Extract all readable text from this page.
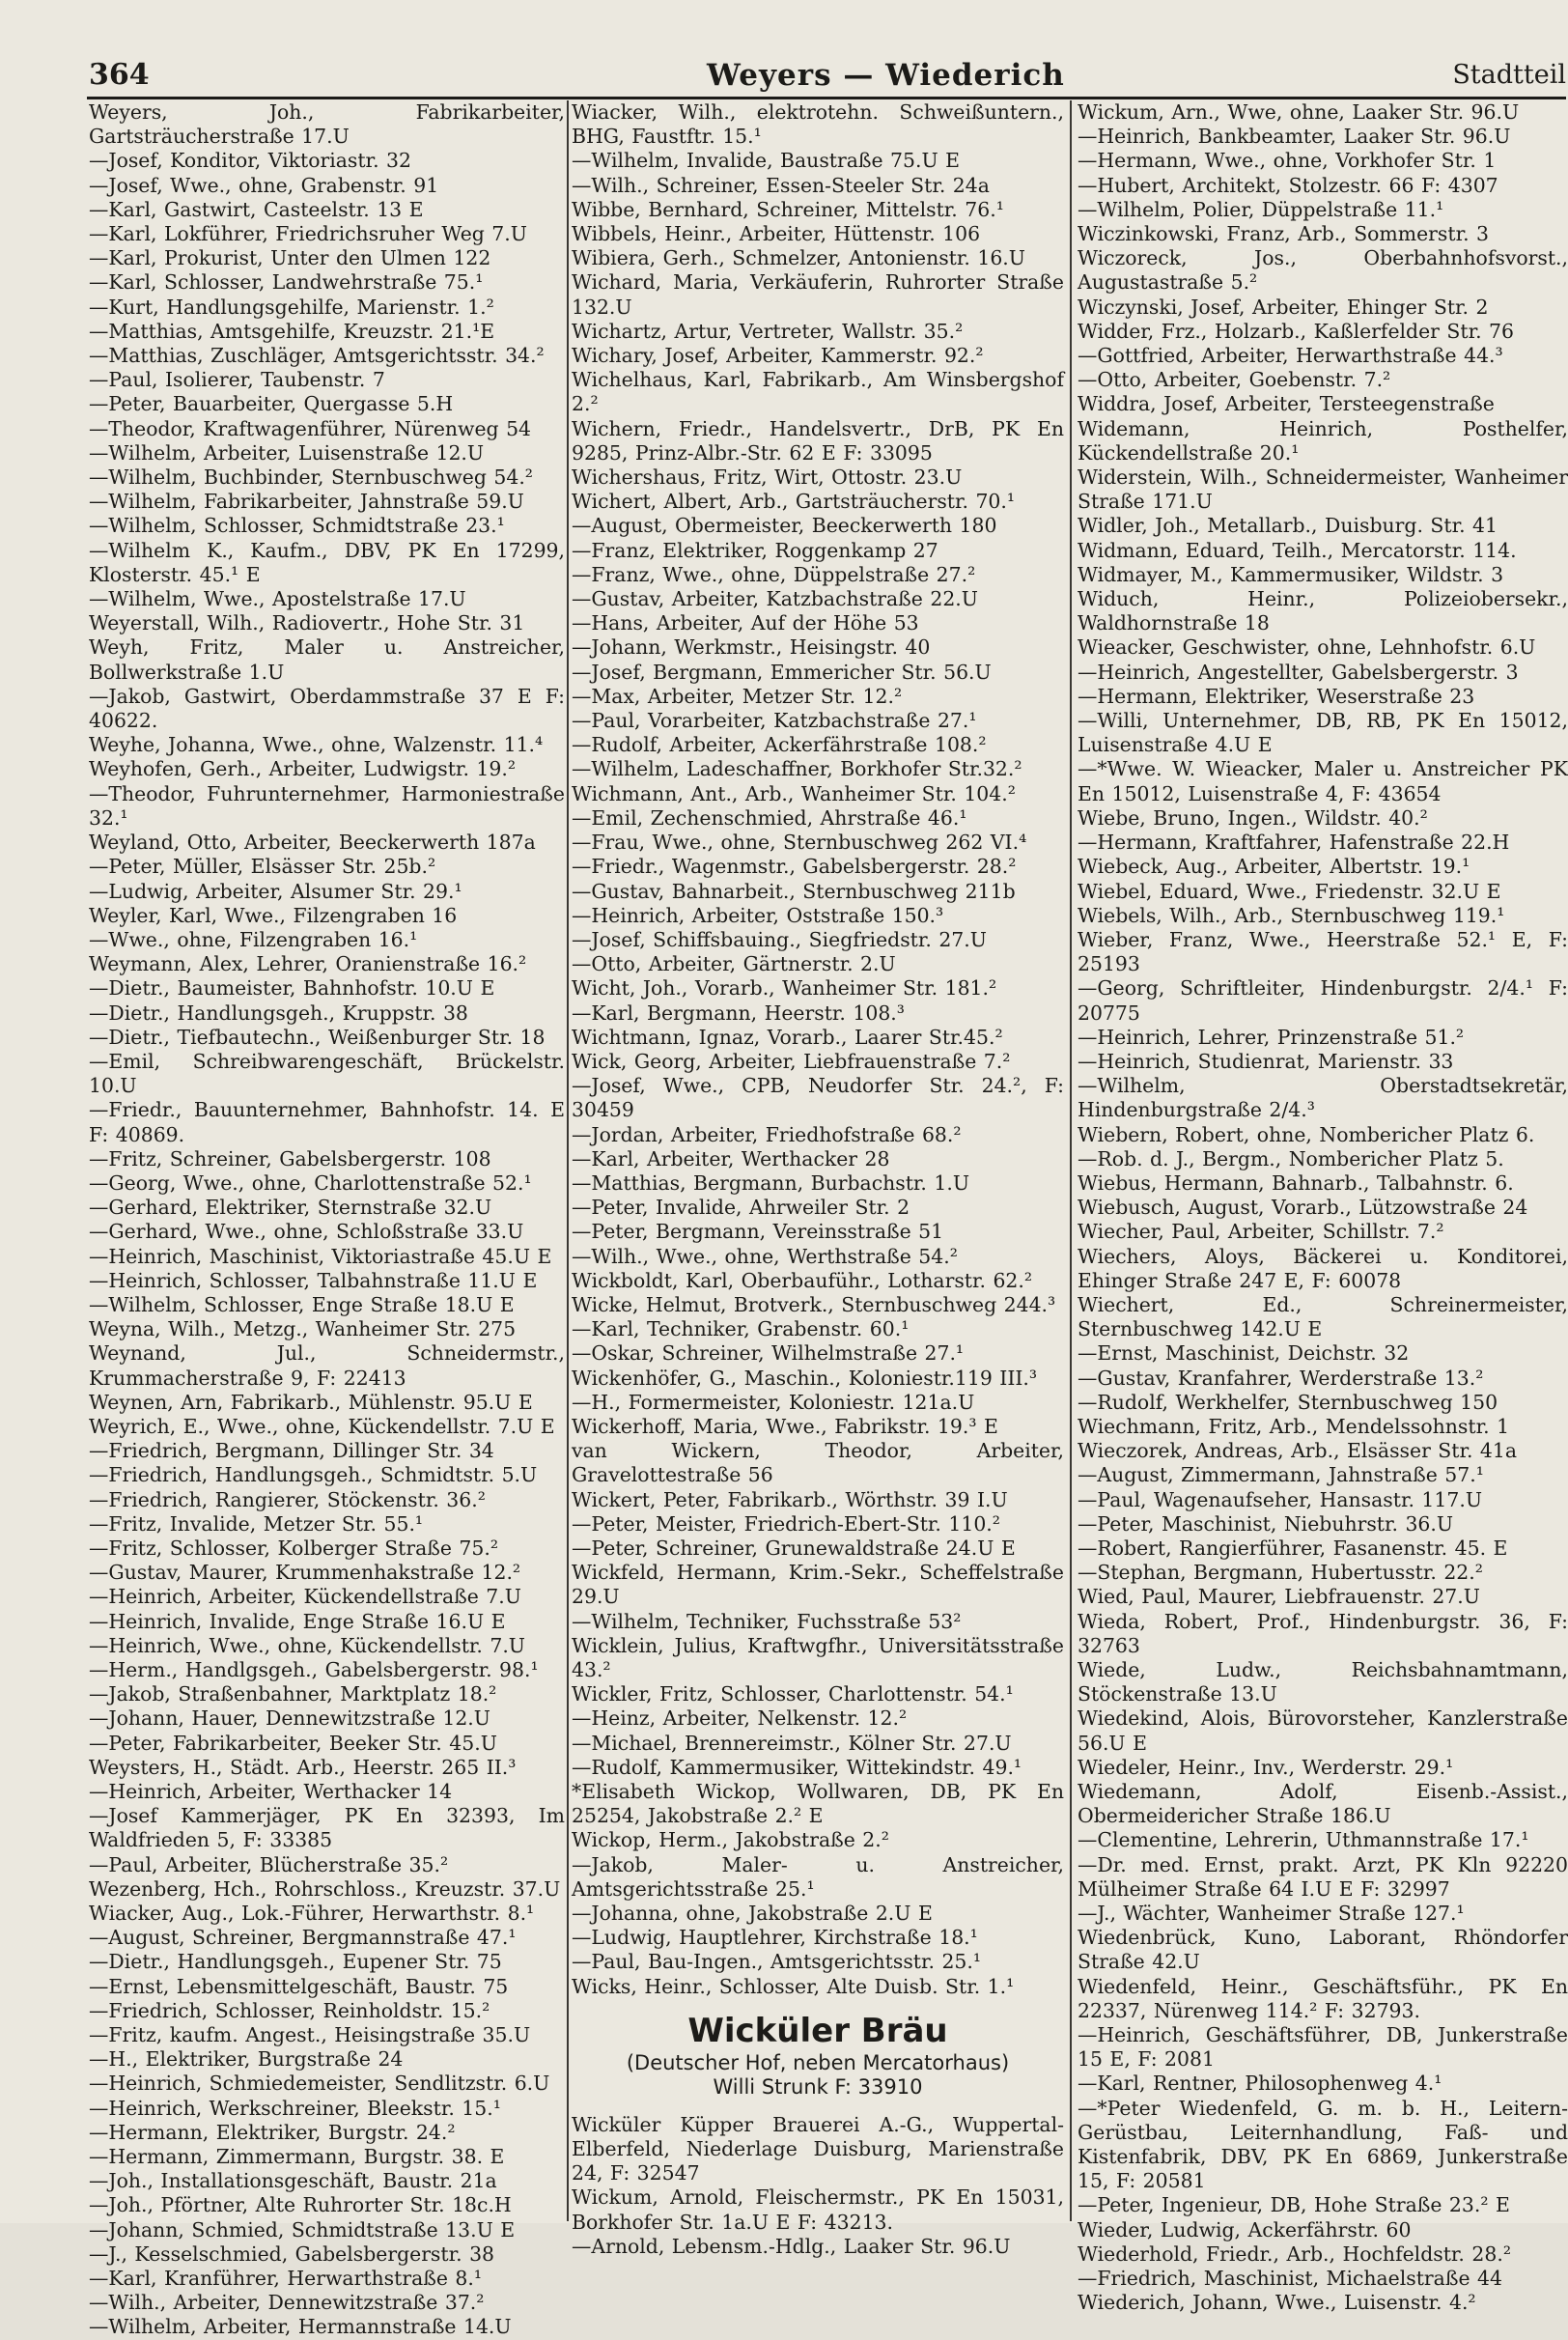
364	Weyers — Wiederich	Stadtteil
Weyers, Joh., Fabrikarbeiter, Gartsträucherstraße 17.U
—Josef, Konditor, Viktoriastr. 32
—Josef, Wwe., ohne, Grabenstr. 91
—Karl, Gastwirt, Casteelstr. 13 E
—Karl, Lokführer, Friedrichsruher Weg 7.U
—Karl, Prokurist, Unter den Ulmen 122
—Karl, Schlosser, Landwehrstraße 75.¹
—Kurt, Handlungsgehilfe, Marienstr. 1.²
—Matthias, Amtsgehilfe, Kreuzstr. 21.¹E
—Matthias, Zuschläger, Amtsgerichtsstr. 34.²
—Paul, Isolierer, Taubenstr. 7
—Peter, Bauarbeiter, Quergasse 5.H
—Theodor, Kraftwagenführer, Nürenweg 54
—Wilhelm, Arbeiter, Luisenstraße 12.U
—Wilhelm, Buchbinder, Sternbuschweg 54.²
—Wilhelm, Fabrikarbeiter, Jahnstraße 59.U
—Wilhelm, Schlosser, Schmidtstraße 23.¹
—Wilhelm K., Kaufm., DBV, PK En 17299, Klosterstr. 45.¹ E
—Wilhelm, Wwe., Apostelstraße 17.U
Weyerstall, Wilh., Radiovertr., Hohe Str. 31
Weyh, Fritz, Maler u. Anstreicher, Bollwerkstraße 1.U
—Jakob, Gastwirt, Oberdammstraße 37 E F: 40622.
Weyhe, Johanna, Wwe., ohne, Walzenstr. 11.⁴
Weyhofen, Gerh., Arbeiter, Ludwigstr. 19.²
—Theodor, Fuhrunternehmer, Harmoniestraße 32.¹
Weyland, Otto, Arbeiter, Beeckerwerth 187a
—Peter, Müller, Elsässer Str. 25b.²
—Ludwig, Arbeiter, Alsumer Str. 29.¹
Weyler, Karl, Wwe., Filzengraben 16
—Wwe., ohne, Filzengraben 16.¹
Weymann, Alex, Lehrer, Oranienstraße 16.²
—Dietr., Baumeister, Bahnhofstr. 10.U E
—Dietr., Handlungsgeh., Kruppstr. 38
—Dietr., Tiefbautechn., Weißenburger Str. 18
—Emil, Schreibwarengeschäft, Brückelstr. 10.U
—Friedr., Bauunternehmer, Bahnhofstr. 14. E F: 40869.
—Fritz, Schreiner, Gabelsbergerstr. 108
—Georg, Wwe., ohne, Charlottenstraße 52.¹
—Gerhard, Elektriker, Sternstraße 32.U
—Gerhard, Wwe., ohne, Schloßstraße 33.U
—Heinrich, Maschinist, Viktoriastraße 45.U E
—Heinrich, Schlosser, Talbahnstraße 11.U E
—Wilhelm, Schlosser, Enge Straße 18.U E
Weyna, Wilh., Metzg., Wanheimer Str. 275
Weynand, Jul., Schneidermstr., Krummacherstraße 9, F: 22413
Weynen, Arn, Fabrikarb., Mühlenstr. 95.U E
Weyrich, E., Wwe., ohne, Kückendellstr. 7.U E
—Friedrich, Bergmann, Dillinger Str. 34
—Friedrich, Handlungsgeh., Schmidtstr. 5.U
—Friedrich, Rangierer, Stöckenstr. 36.²
—Fritz, Invalide, Metzer Str. 55.¹
—Fritz, Schlosser, Kolberger Straße 75.²
—Gustav, Maurer, Krummenhakstraße 12.²
—Heinrich, Arbeiter, Kückendellstraße 7.U
—Heinrich, Invalide, Enge Straße 16.U E
—Heinrich, Wwe., ohne, Kückendellstr. 7.U
—Herm., Handlgsgeh., Gabelsbergerstr. 98.¹
—Jakob, Straßenbahner, Marktplatz 18.²
—Johann, Hauer, Dennewitzstraße 12.U
—Peter, Fabrikarbeiter, Beeker Str. 45.U
Weysters, H., Städt. Arb., Heerstr. 265 II.³
—Heinrich, Arbeiter, Werthacker 14
—Josef Kammerjäger, PK En 32393, Im Waldfrieden 5, F: 33385
—Paul, Arbeiter, Blücherstraße 35.²
Wezenberg, Hch., Rohrschloss., Kreuzstr. 37.U
Wiacker, Aug., Lok.-Führer, Herwarthstr. 8.¹
—August, Schreiner, Bergmannstraße 47.¹
—Dietr., Handlungsgeh., Eupener Str. 75
—Ernst, Lebensmittelgeschäft, Baustr. 75
—Friedrich, Schlosser, Reinholdstr. 15.²
—Fritz, kaufm. Angest., Heisingstraße 35.U
—H., Elektriker, Burgstraße 24
—Heinrich, Schmiedemeister, Sendlitzstr. 6.U
—Heinrich, Werkschreiner, Bleekstr. 15.¹
—Hermann, Elektriker, Burgstr. 24.²
—Hermann, Zimmermann, Burgstr. 38. E
—Joh., Installationsgeschäft, Baustr. 21a
—Joh., Pförtner, Alte Ruhrorter Str. 18c.H
—Johann, Schmied, Schmidtstraße 13.U E
—J., Kesselschmied, Gabelsbergerstr. 38
—Karl, Kranführer, Herwarthstraße 8.¹
—Wilh., Arbeiter, Dennewitzstraße 37.²
—Wilhelm, Arbeiter, Hermannstraße 14.U
Wiacker, Wilh., elektrotehn. Schweißuntern., BHG, Faustftr. 15.¹
—Wilhelm, Invalide, Baustraße 75.U E
—Wilh., Schreiner, Essen-Steeler Str. 24a
Wibbe, Bernhard, Schreiner, Mittelstr. 76.¹
Wibbels, Heinr., Arbeiter, Hüttenstr. 106
Wibiera, Gerh., Schmelzer, Antonienstr. 16.U
Wichard, Maria, Verkäuferin, Ruhrorter Straße 132.U
Wichartz, Artur, Vertreter, Wallstr. 35.²
Wichary, Josef, Arbeiter, Kammerstr. 92.²
Wichelhaus, Karl, Fabrikarb., Am Winsbergshof 2.²
Wichern, Friedr., Handelsvertr., DrB, PK En 9285, Prinz-Albr.-Str. 62 E F: 33095
Wichershaus, Fritz, Wirt, Ottostr. 23.U
Wichert, Albert, Arb., Gartsträucherstr. 70.¹
—August, Obermeister, Beeckerwerth 180
—Franz, Elektriker, Roggenkamp 27
—Franz, Wwe., ohne, Düppelstraße 27.²
—Gustav, Arbeiter, Katzbachstraße 22.U
—Hans, Arbeiter, Auf der Höhe 53
—Johann, Werkmstr., Heisingstr. 40
—Josef, Bergmann, Emmericher Str. 56.U
—Max, Arbeiter, Metzer Str. 12.²
—Paul, Vorarbeiter, Katzbachstraße 27.¹
—Rudolf, Arbeiter, Ackerfährstraße 108.²
—Wilhelm, Ladeschaffner, Borkhofer Str.32.²
Wichmann, Ant., Arb., Wanheimer Str. 104.²
—Emil, Zechenschmied, Ahrstraße 46.¹
—Frau, Wwe., ohne, Sternbuschweg 262 VI.⁴
—Friedr., Wagenmstr., Gabelsbergerstr. 28.²
—Gustav, Bahnarbeit., Sternbuschweg 211b
—Heinrich, Arbeiter, Oststraße 150.³
—Josef, Schiffsbauing., Siegfriedstr. 27.U
—Otto, Arbeiter, Gärtnerstr. 2.U
Wicht, Joh., Vorarb., Wanheimer Str. 181.²
—Karl, Bergmann, Heerstr. 108.³
Wichtmann, Ignaz, Vorarb., Laarer Str.45.²
Wick, Georg, Arbeiter, Liebfrauenstraße 7.²
—Josef, Wwe., CPB, Neudorfer Str. 24.², F: 30459
—Jordan, Arbeiter, Friedhofstraße 68.²
—Karl, Arbeiter, Werthacker 28
—Matthias, Bergmann, Burbachstr. 1.U
—Peter, Invalide, Ahrweiler Str. 2
—Peter, Bergmann, Vereinsstraße 51
—Wilh., Wwe., ohne, Werthstraße 54.²
Wickboldt, Karl, Oberbauführ., Lotharstr. 62.²
Wicke, Helmut, Brotverk., Sternbuschweg 244.³
—Karl, Techniker, Grabenstr. 60.¹
—Oskar, Schreiner, Wilhelmstraße 27.¹
Wickenhöfer, G., Maschin., Koloniestr.119 III.³
—H., Formermeister, Koloniestr. 121a.U
Wickerhoff, Maria, Wwe., Fabrikstr. 19.³ E
van Wickern, Theodor, Arbeiter, Gravelottestraße 56
Wickert, Peter, Fabrikarb., Wörthstr. 39 I.U
—Peter, Meister, Friedrich-Ebert-Str. 110.²
—Peter, Schreiner, Grunewaldstraße 24.U E
Wickfeld, Hermann, Krim.-Sekr., Scheffelstraße 29.U
—Wilhelm, Techniker, Fuchsstraße 53²
Wicklein, Julius, Kraftwgfhr., Universitätsstraße 43.²
Wickler, Fritz, Schlosser, Charlottenstr. 54.¹
—Heinz, Arbeiter, Nelkenstr. 12.²
—Michael, Brennereimstr., Kölner Str. 27.U
—Rudolf, Kammermusiker, Wittekindstr. 49.¹
*Elisabeth Wickop, Wollwaren, DB, PK En 25254, Jakobstraße 2.² E
Wickop, Herm., Jakobstraße 2.²
—Jakob, Maler- u. Anstreicher, Amtsgerichtsstraße 25.¹
—Johanna, ohne, Jakobstraße 2.U E
—Ludwig, Hauptlehrer, Kirchstraße 18.¹
—Paul, Bau-Ingen., Amtsgerichtsstr. 25.¹
Wicks, Heinr., Schlosser, Alte Duisb. Str. 1.¹
Wicküler Bräu
(Deutscher Hof, neben Mercatorhaus)
Willi Strunk F: 33910
Wicküler Küpper Brauerei A.-G., Wuppertal-Elberfeld, Niederlage Duisburg, Marienstraße 24, F: 32547
Wickum, Arnold, Fleischermstr., PK En 15031, Borkhofer Str. 1a.U E F: 43213.
—Arnold, Lebensm.-Hdlg., Laaker Str. 96.U
Wickum, Arn., Wwe, ohne, Laaker Str. 96.U
—Heinrich, Bankbeamter, Laaker Str. 96.U
—Hermann, Wwe., ohne, Vorkhofer Str. 1
—Hubert, Architekt, Stolzestr. 66 F: 4307
—Wilhelm, Polier, Düppelstraße 11.¹
Wiczinkowski, Franz, Arb., Sommerstr. 3
Wiczoreck, Jos., Oberbahnhofsvorst., Augustastraße 5.²
Wiczynski, Josef, Arbeiter, Ehinger Str. 2
Widder, Frz., Holzarb., Kaßlerfelder Str. 76
—Gottfried, Arbeiter, Herwarthstraße 44.³
—Otto, Arbeiter, Goebenstr. 7.²
Widdra, Josef, Arbeiter, Tersteegenstraße
Widemann, Heinrich, Posthelfer, Kückendellstraße 20.¹
Widerstein, Wilh., Schneidermeister, Wanheimer Straße 171.U
Widler, Joh., Metallarb., Duisburg. Str. 41
Widmann, Eduard, Teilh., Mercatorstr. 114.
Widmayer, M., Kammermusiker, Wildstr. 3
Widuch, Heinr., Polizeiobersekr., Waldhornstraße 18
Wieacker, Geschwister, ohne, Lehnhofstr. 6.U
—Heinrich, Angestellter, Gabelsbergerstr. 3
—Hermann, Elektriker, Weserstraße 23
—Willi, Unternehmer, DB, RB, PK En 15012, Luisenstraße 4.U E
—*Wwe. W. Wieacker, Maler u. Anstreicher PK En 15012, Luisenstraße 4, F: 43654
Wiebe, Bruno, Ingen., Wildstr. 40.²
—Hermann, Kraftfahrer, Hafenstraße 22.H
Wiebeck, Aug., Arbeiter, Albertstr. 19.¹
Wiebel, Eduard, Wwe., Friedenstr. 32.U E
Wiebels, Wilh., Arb., Sternbuschweg 119.¹
Wieber, Franz, Wwe., Heerstraße 52.¹ E, F: 25193
—Georg, Schriftleiter, Hindenburgstr. 2/4.¹ F: 20775
—Heinrich, Lehrer, Prinzenstraße 51.²
—Heinrich, Studienrat, Marienstr. 33
—Wilhelm, Oberstadtsekretär, Hindenburgstraße 2/4.³
Wiebern, Robert, ohne, Nombericher Platz 6.
—Rob. d. J., Bergm., Nombericher Platz 5.
Wiebus, Hermann, Bahnarb., Talbahnstr. 6.
Wiebusch, August, Vorarb., Lützowstraße 24
Wiecher, Paul, Arbeiter, Schillstr. 7.²
Wiechers, Aloys, Bäckerei u. Konditorei, Ehinger Straße 247 E, F: 60078
Wiechert, Ed., Schreinermeister, Sternbuschweg 142.U E
—Ernst, Maschinist, Deichstr. 32
—Gustav, Kranfahrer, Werderstraße 13.²
—Rudolf, Werkhelfer, Sternbuschweg 150
Wiechmann, Fritz, Arb., Mendelssohnstr. 1
Wieczorek, Andreas, Arb., Elsässer Str. 41a
—August, Zimmermann, Jahnstraße 57.¹
—Paul, Wagenaufseher, Hansastr. 117.U
—Peter, Maschinist, Niebuhrstr. 36.U
—Robert, Rangierführer, Fasanenstr. 45. E
—Stephan, Bergmann, Hubertusstr. 22.²
Wied, Paul, Maurer, Liebfrauenstr. 27.U
Wieda, Robert, Prof., Hindenburgstr. 36, F: 32763
Wiede, Ludw., Reichsbahnamtmann, Stöckenstraße 13.U
Wiedekind, Alois, Bürovorsteher, Kanzlerstraße 56.U E
Wiedeler, Heinr., Inv., Werderstr. 29.¹
Wiedemann, Adolf, Eisenb.-Assist., Obermeidericher Straße 186.U
—Clementine, Lehrerin, Uthmannstraße 17.¹
—Dr. med. Ernst, prakt. Arzt, PK Kln 92220 Mülheimer Straße 64 I.U E F: 32997
—J., Wächter, Wanheimer Straße 127.¹
Wiedenbrück, Kuno, Laborant, Rhöndorfer Straße 42.U
Wiedenfeld, Heinr., Geschäftsführ., PK En 22337, Nürenweg 114.² F: 32793.
—Heinrich, Geschäftsführer, DB, Junkerstraße 15 E, F: 2081
—Karl, Rentner, Philosophenweg 4.¹
—*Peter Wiedenfeld, G. m. b. H., Leitern-Gerüstbau, Leiternhandlung, Faß- und Kistenfabrik, DBV, PK En 6869, Junkerstraße 15, F: 20581
—Peter, Ingenieur, DB, Hohe Straße 23.² E
Wieder, Ludwig, Ackerfährstr. 60
Wiederhold, Friedr., Arb., Hochfeldstr. 28.²
—Friedrich, Maschinist, Michaelstraße 44
Wiederich, Johann, Wwe., Luisenstr. 4.²
